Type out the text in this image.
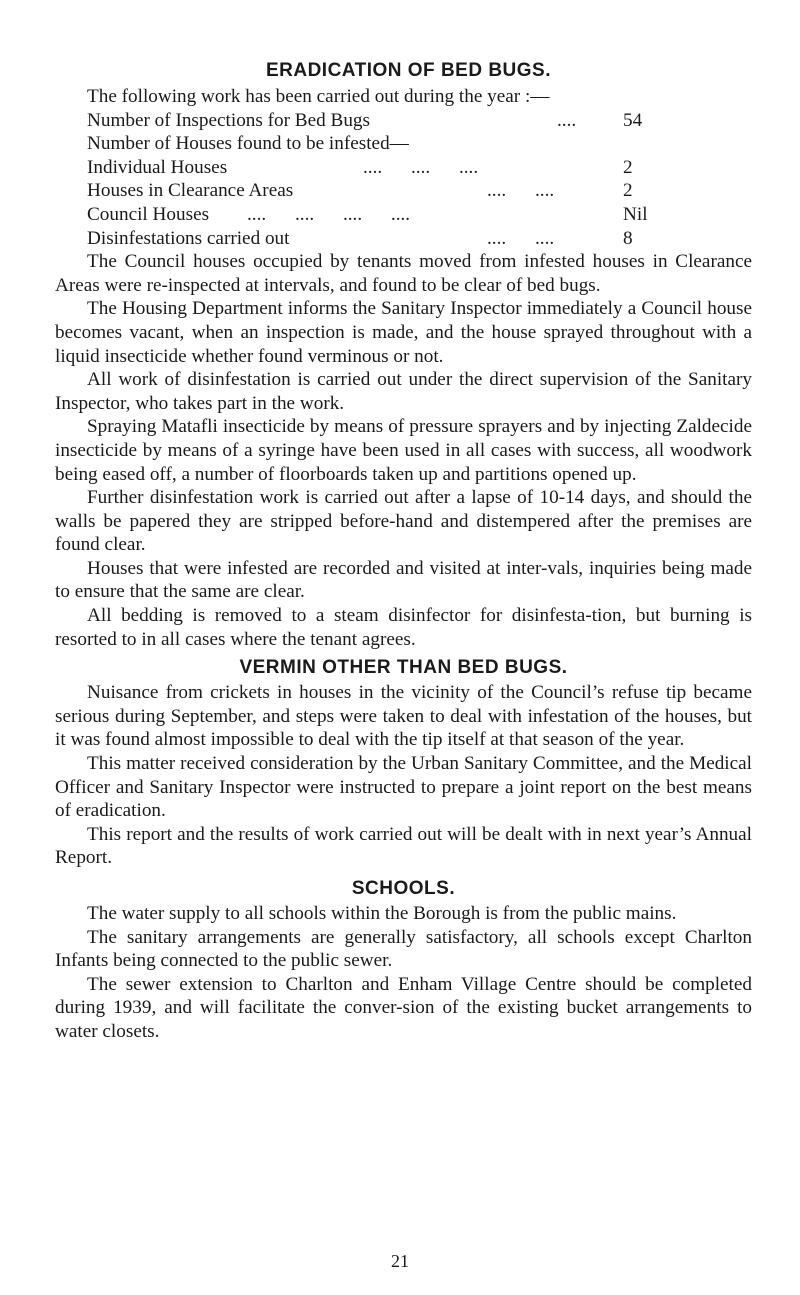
ERADICATION OF BED BUGS.

The following work has been carried out during the year :—

Number of Inspections for Bed Bugs	....	54
Number of Houses found to be infested—
Individual Houses	....      ....      ....	2
Houses in Clearance Areas	....      ....	2
Council Houses	....      ....      ....      ....	Nil
Disinfestations carried out	....      ....	8

The Council houses occupied by tenants moved from infested houses in Clearance Areas were re-inspected at intervals, and found to be clear of bed bugs.

The Housing Department informs the Sanitary Inspector immediately a Council house becomes vacant, when an inspection is made, and the house sprayed throughout with a liquid insecticide whether found verminous or not.

All work of disinfestation is carried out under the direct supervision of the Sanitary Inspector, who takes part in the work.

Spraying Matafli insecticide by means of pressure sprayers and by injecting Zaldecide insecticide by means of a syringe have been used in all cases with success, all woodwork being eased off, a number of floorboards taken up and partitions opened up.

Further disinfestation work is carried out after a lapse of 10-14 days, and should the walls be papered they are stripped before-hand and distempered after the premises are found clear.

Houses that were infested are recorded and visited at inter-vals, inquiries being made to ensure that the same are clear.

All bedding is removed to a steam disinfector for disinfesta-tion, but burning is resorted to in all cases where the tenant agrees.

VERMIN OTHER THAN BED BUGS.

Nuisance from crickets in houses in the vicinity of the Council’s refuse tip became serious during September, and steps were taken to deal with infestation of the houses, but it was found almost impossible to deal with the tip itself at that season of the year.

This matter received consideration by the Urban Sanitary Committee, and the Medical Officer and Sanitary Inspector were instructed to prepare a joint report on the best means of eradication.

This report and the results of work carried out will be dealt with in next year’s Annual Report.

SCHOOLS.

The water supply to all schools within the Borough is from the public mains.

The sanitary arrangements are generally satisfactory, all schools except Charlton Infants being connected to the public sewer.

The sewer extension to Charlton and Enham Village Centre should be completed during 1939, and will facilitate the conver-sion of the existing bucket arrangements to water closets.

21
